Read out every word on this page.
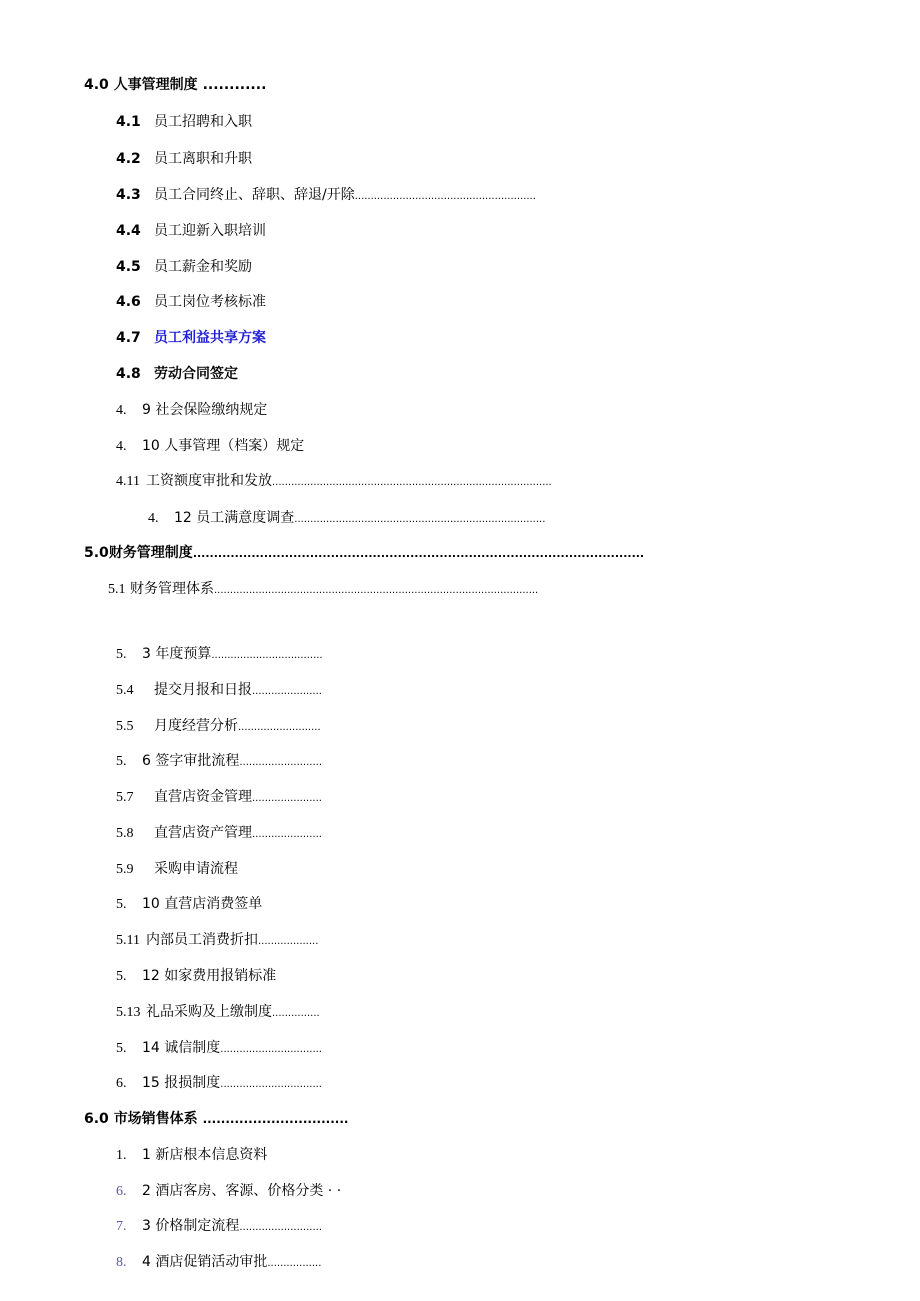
4.0 人事管理制度 ............
4.1 员工招聘和入职
4.2 员工离职和升职
4.3 员工合同终止、辞职、辞退/开除.........................................................
4.4 员工迎新入职培训
4.5 员工薪金和奖励
4.6 员工岗位考核标准
4.7 员工利益共享方案
4.8 劳动合同签定
4. 9 社会保险缴纳规定
4. 10 人事管理（档案）规定
4.11 工资额度审批和发放........................................................................................
4. 12 员工满意度调查...............................................................................
5.0财务管理制度............................................................................................................
5.1 财务管理体系......................................................................................................
5. 3 年度预算...................................
5.4 提交月报和日报......................
5.5 月度经营分析..........................
5. 6 签字审批流程..........................
5.7 直营店资金管理......................
5.8 直营店资产管理......................
5.9 采购申请流程
5. 10 直营店消费签单
5.11 内部员工消费折扣...................
5. 12 如家费用报销标准
5.13 礼品采购及上缴制度...............
5. 14 诚信制度................................
6. 15 报损制度................................
6.0 市场销售体系 ................................
1. 1 新店根本信息资料
6. 2 酒店客房、客源、价格分类 · ·
7. 3 价格制定流程..........................
8. 4 酒店促销活动审批.................
